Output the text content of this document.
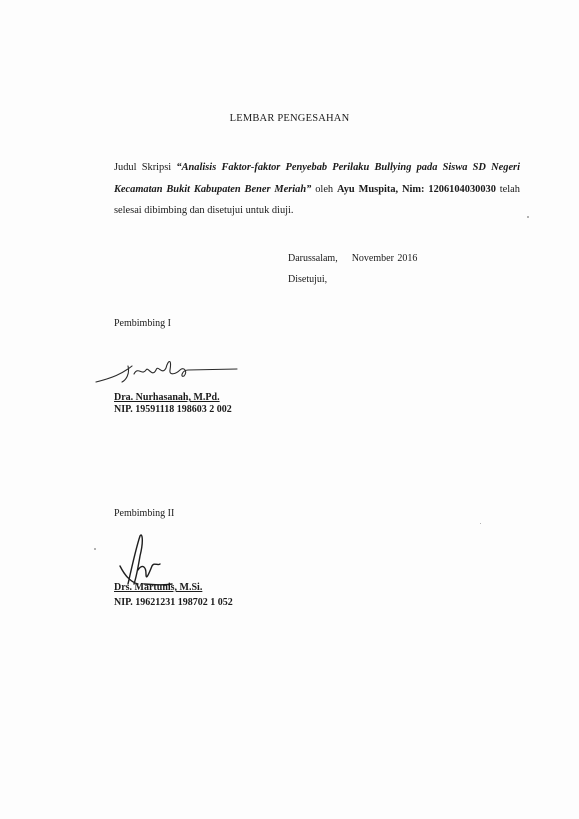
LEMBAR PENGESAHAN
Judul Skripsi “Analisis Faktor-faktor Penyebab Perilaku Bullying pada Siswa SD Negeri Kecamatan Bukit Kabupaten Bener Meriah” oleh Ayu Muspita, Nim: 1206104030030 telah selesai dibimbing dan disetujui untuk diuji.
Darussalam,    November 2016
Disetujui,
Pembimbing I
Dra. Nurhasanah, M.Pd.
NIP. 19591118 198603 2 002
Pembimbing II
Drs. Martunis, M.Si.
NIP. 19621231 198702 1 052
